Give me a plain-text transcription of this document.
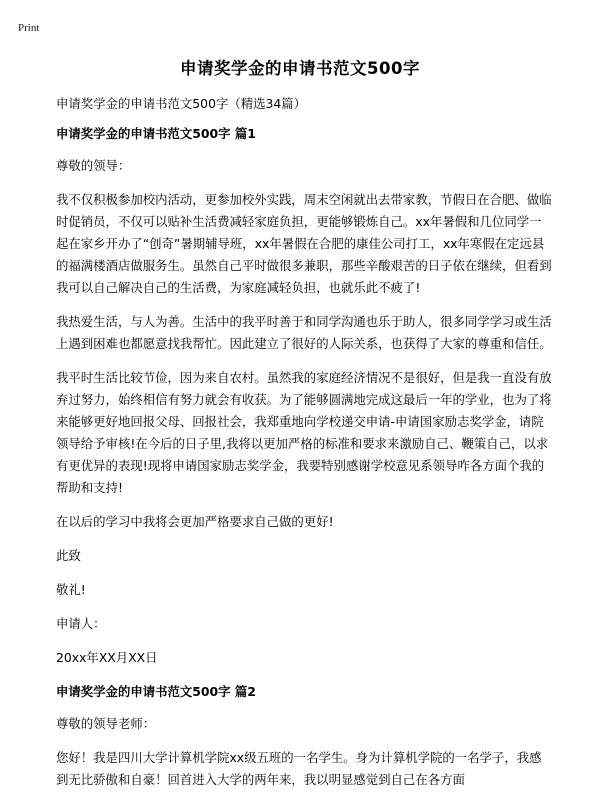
Print
申请奖学金的申请书范文500字

申请奖学金的申请书范文500字（精选34篇）

申请奖学金的申请书范文500字 篇1

尊敬的领导：

我不仅积极参加校内活动，更参加校外实践，周末空闲就出去带家教，节假日在合肥、做临时促销员，不仅可以贴补生活费减轻家庭负担，更能够锻炼自己。xx年暑假和几位同学一起在家乡开办了“创奇”暑期辅导班，xx年暑假在合肥的康佳公司打工，xx年寒假在定远县的福满楼酒店做服务生。虽然自己平时做很多兼职，那些辛酸艰苦的日子依在继续，但看到我可以自己解决自己的生活费，为家庭减轻负担，也就乐此不疲了!

我热爱生活，与人为善。生活中的我平时善于和同学沟通也乐于助人，很多同学学习或生活上遇到困难也都愿意找我帮忙。因此建立了很好的人际关系，也获得了大家的尊重和信任。

我平时生活比较节俭，因为来自农村。虽然我的家庭经济情况不是很好，但是我一直没有放弃过努力，始终相信有努力就会有收获。为了能够圆满地完成这最后一年的学业，也为了将来能够更好地回报父母、回报社会，我郑重地向学校递交申请-申请国家励志奖学金，请院领导给予审核!在今后的日子里,我将以更加严格的标准和要求来激励自己、鞭策自己，以求有更优异的表现!现将申请国家励志奖学金，我要特别感谢学校意见系领导咋各方面个我的帮助和支持!

在以后的学习中我将会更加严格要求自己做的更好!

此致

敬礼!

申请人：

20xx年XX月XX日

申请奖学金的申请书范文500字 篇2

尊敬的领导老师：

您好！我是四川大学计算机学院xx级五班的一名学生。身为计算机学院的一名学子，我感到无比骄傲和自豪！回首进入大学的两年来，我以明显感觉到自己在各方面
